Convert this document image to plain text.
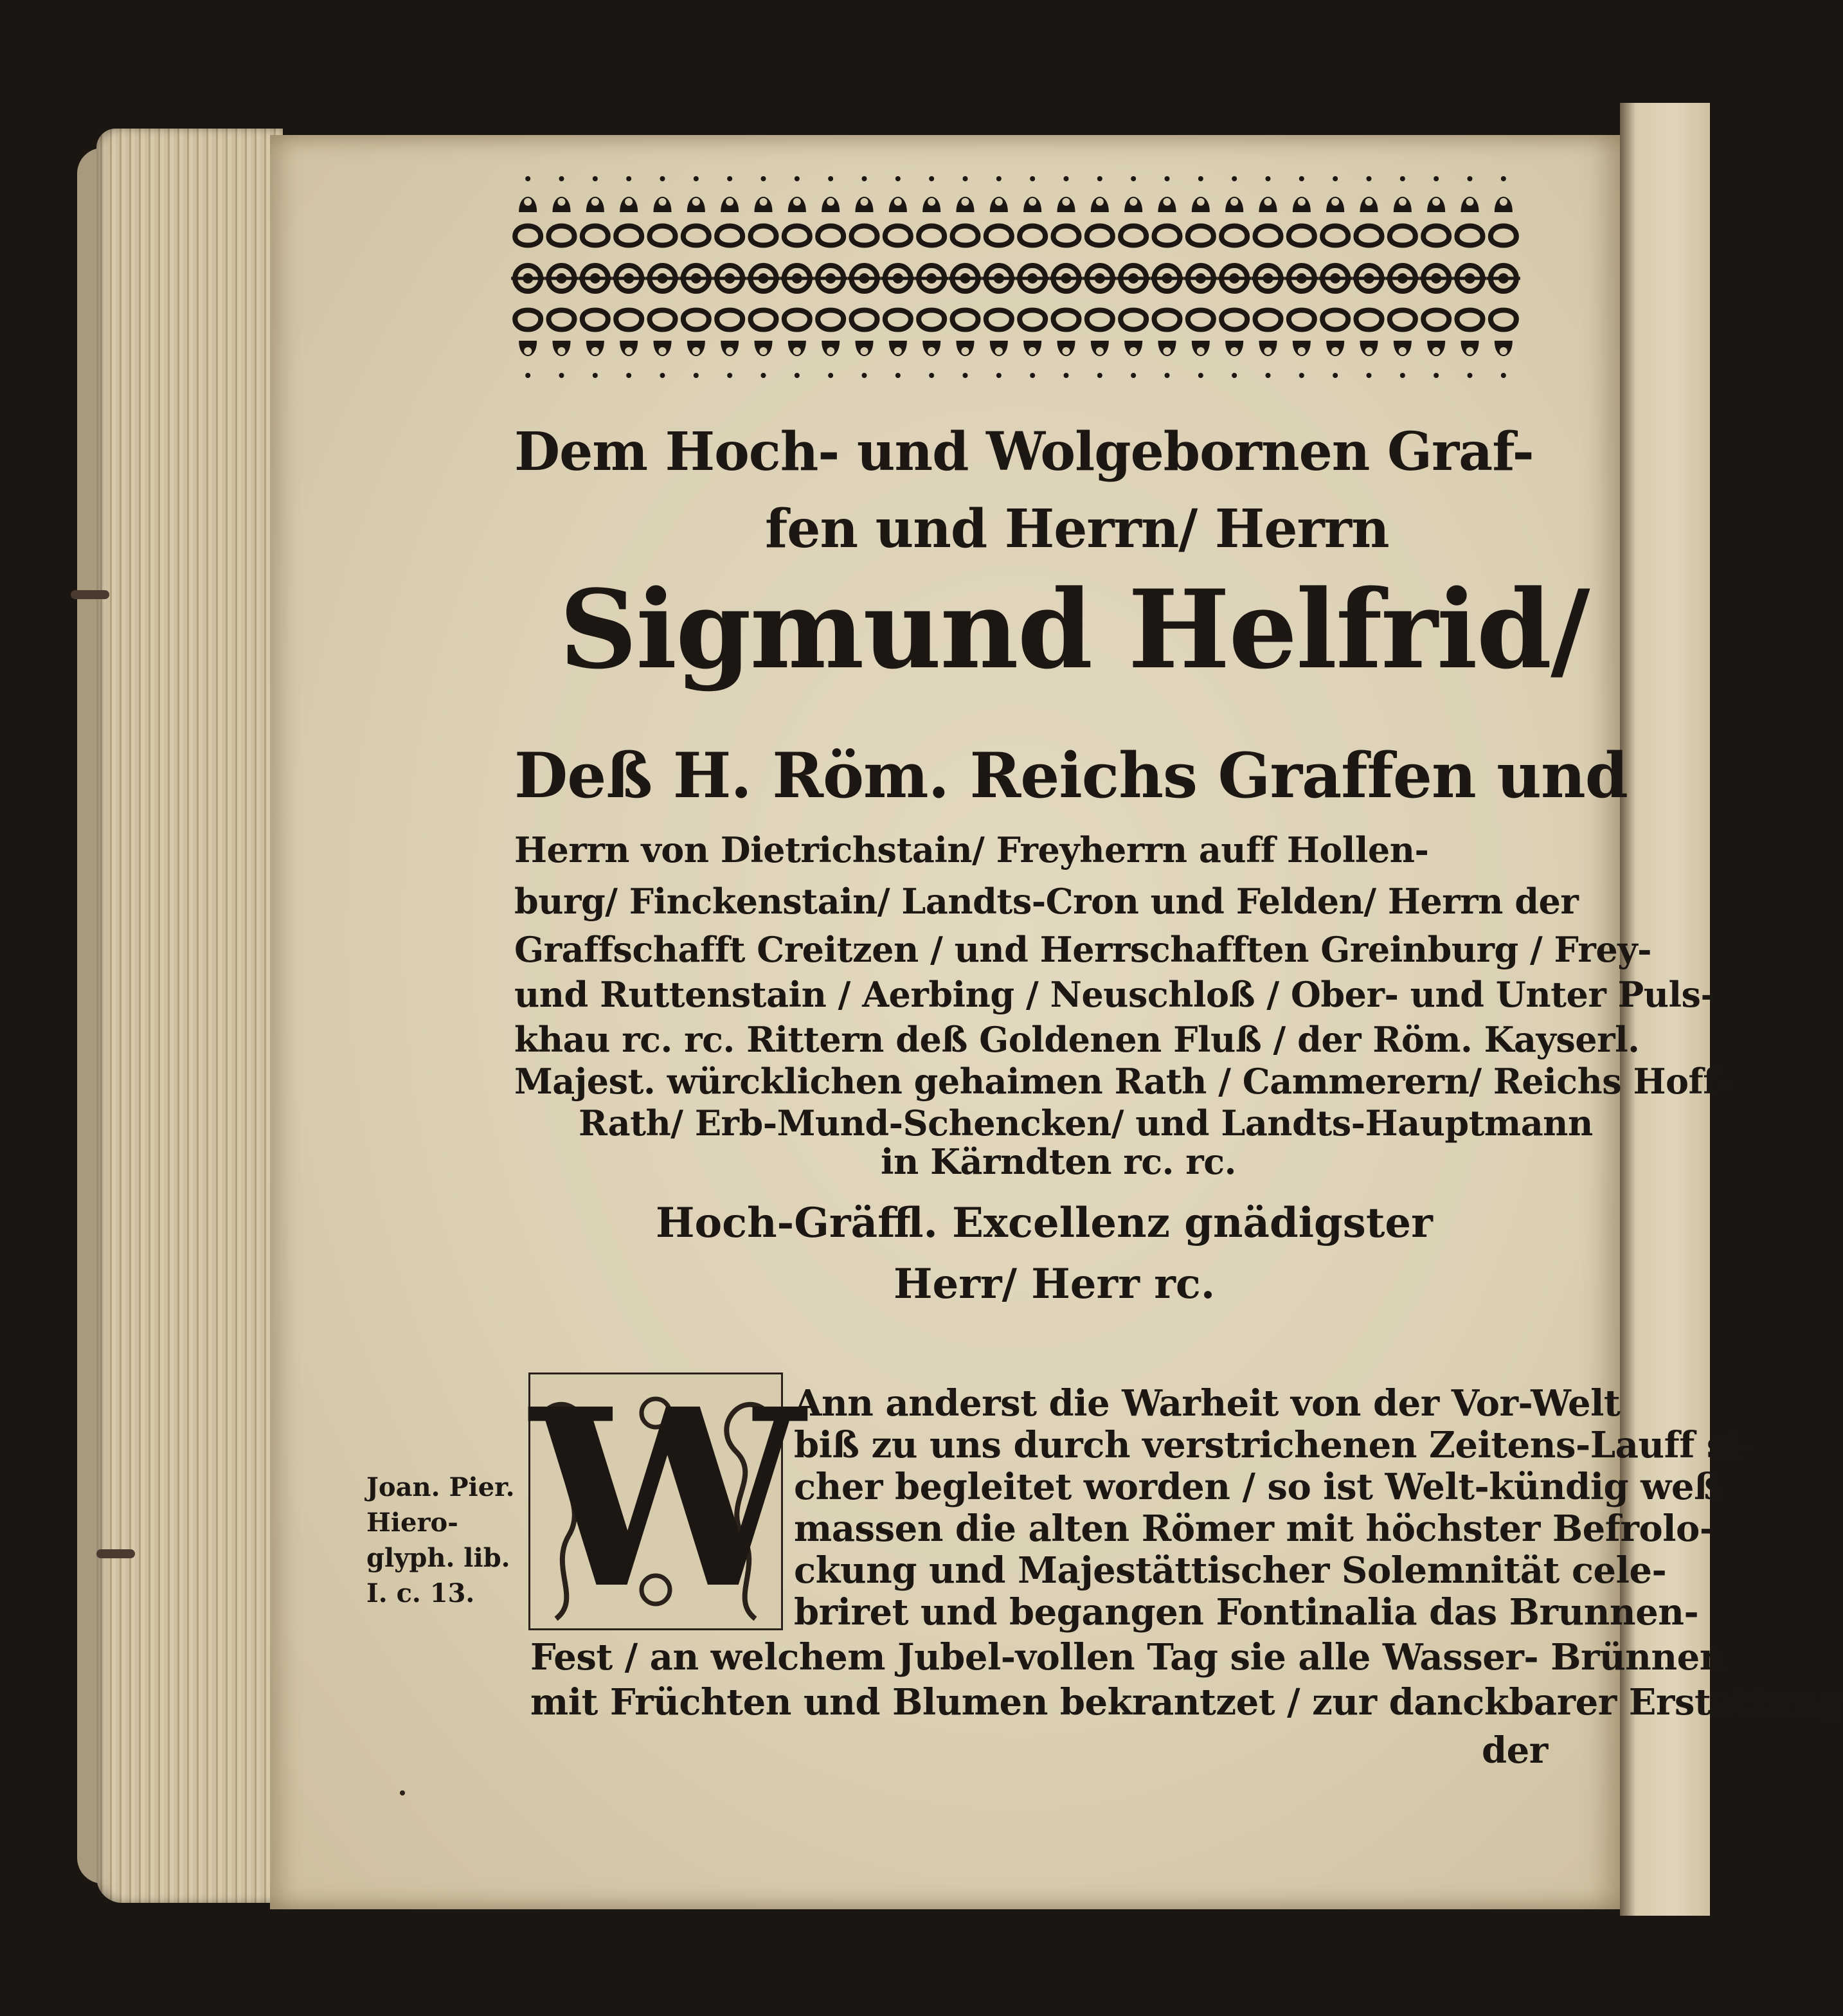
Dem Hoch- und Wolgebornen Graf-
fen und Herrn/ Herrn
Sigmund Helfrid/
Deß H. Röm. Reichs Graffen und
Herrn von Dietrichstain/ Freyherrn auff Hollen-
burg/ Finckenstain/ Landts-Cron und Felden/ Herrn der
Graffschafft Creitzen / und Herrschafften Greinburg / Frey-
und Ruttenstain / Aerbing / Neuschloß / Ober- und Unter Puls-
khau rc. rc. Rittern deß Goldenen Fluß / der Röm. Kayserl.
Majest. würcklichen gehaimen Rath / Cammerern/ Reichs Hoff-
Rath/ Erb-Mund-Schencken/ und Landts-Hauptmann
in Kärndten rc. rc.
Hoch-Gräffl. Excellenz gnädigster
Herr/ Herr rc.
Joan. Pier.
Hiero-
glyph. lib.
I. c. 13. W
Ann anderst die Warheit von der Vor-Welt
biß zu uns durch verstrichenen Zeitens-Lauff si-
cher begleitet worden / so ist Welt-kündig weß
massen die alten Römer mit höchster Befrolo-
ckung und Majestättischer Solemnität cele-
briret und begangen Fontinalia das Brunnen-
Fest / an welchem Jubel-vollen Tag sie alle Wasser- Brünnen
mit Früchten und Blumen bekrantzet / zur danckbarer Erstattung
der
